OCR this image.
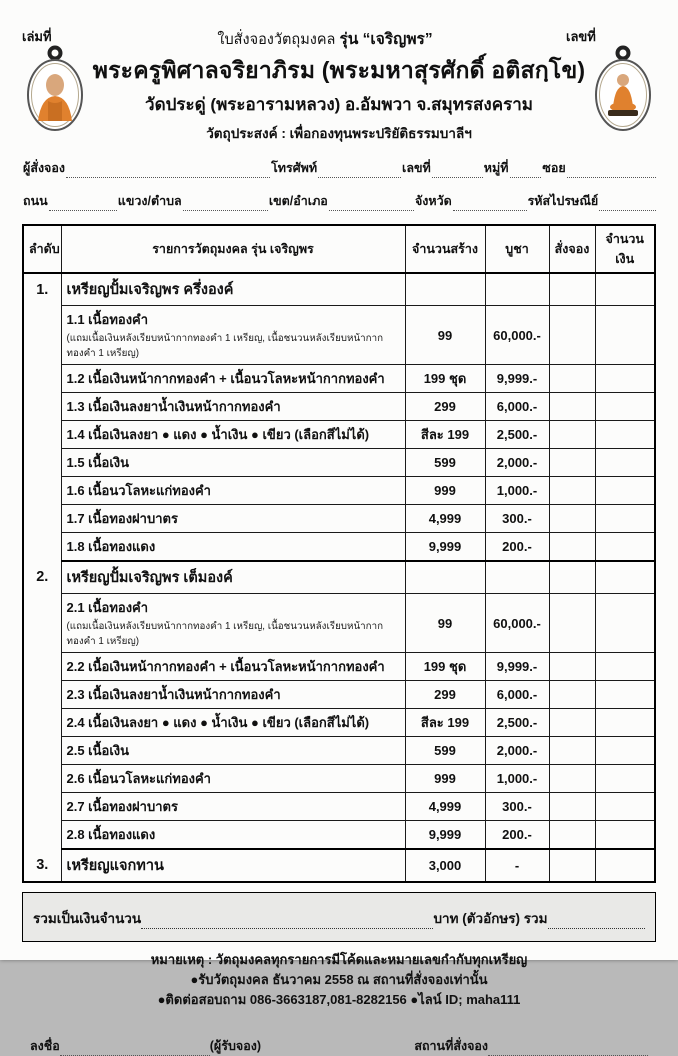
เล่มที่	ใบสั่งจองวัตถุมงคล รุ่น “เจริญพร”	เลขที่
พระครูพิศาลจริยาภิรม (พระมหาสุรศักดิ์ อติสกฺโข)
วัดประดู่ (พระอารามหลวง) อ.อัมพวา จ.สมุทรสงคราม
วัตถุประสงค์ : เพื่อกองทุนพระปริยัติธรรมบาลีฯ
ผู้สั่งจอง	โทรศัพท์	เลขที่	หมู่ที่	ซอย
ถนน	แขวง/ตำบล	เขต/อำเภอ	จังหวัด	รหัสไปรษณีย์
ลำดับ	รายการวัตถุมงคล รุ่น เจริญพร	จำนวนสร้าง	บูชา	สั่งจอง	จำนวนเงิน
1.	เหรียญปั้มเจริญพร ครึ่งองค์				

	1.1 เนื้อทองคำ
(แถมเนื้อเงินหลังเรียบหน้ากากทองคำ 1 เหรียญ, เนื้อชนวนหลังเรียบหน้ากากทองคำ 1 เหรียญ)	99	60,000.-		

	1.2 เนื้อเงินหน้ากากทองคำ + เนื้อนวโลหะหน้ากากทองคำ	199 ชุด	9,999.-		

	1.3 เนื้อเงินลงยาน้ำเงินหน้ากากทองคำ	299	6,000.-		

	1.4 เนื้อเงินลงยา ● แดง ● น้ำเงิน ● เขียว (เลือกสีไม่ได้)	สีละ 199	2,500.-		

	1.5 เนื้อเงิน	599	2,000.-		

	1.6 เนื้อนวโลหะแก่ทองคำ	999	1,000.-		

	1.7 เนื้อทองฝาบาตร	4,999	300.-		

	1.8 เนื้อทองแดง	9,999	200.-		
2.	เหรียญปั้มเจริญพร เต็มองค์				

	2.1 เนื้อทองคำ
(แถมเนื้อเงินหลังเรียบหน้ากากทองคำ 1 เหรียญ, เนื้อชนวนหลังเรียบหน้ากากทองคำ 1 เหรียญ)	99	60,000.-		

	2.2 เนื้อเงินหน้ากากทองคำ + เนื้อนวโลหะหน้ากากทองคำ	199 ชุด	9,999.-		

	2.3 เนื้อเงินลงยาน้ำเงินหน้ากากทองคำ	299	6,000.-		

	2.4 เนื้อเงินลงยา ● แดง ● น้ำเงิน ● เขียว (เลือกสีไม่ได้)	สีละ 199	2,500.-		

	2.5 เนื้อเงิน	599	2,000.-		

	2.6 เนื้อนวโลหะแก่ทองคำ	999	1,000.-		

	2.7 เนื้อทองฝาบาตร	4,999	300.-		

	2.8 เนื้อทองแดง	9,999	200.-		
3.	เหรียญแจกทาน	3,000	-		
รวมเป็นเงินจำนวน	บาท (ตัวอักษร) รวม
หมายเหตุ : วัตถุมงคลทุกรายการมีโค้ดและหมายเลขกำกับทุกเหรียญ
●รับวัตถุมงคล ธันวาคม 2558 ณ สถานที่สั่งจองเท่านั้น
●ติดต่อสอบถาม 086-3663187,081-8282156 ●ไลน์ ID; maha111
ลงชื่อ	(ผู้รับจอง)	สถานที่สั่งจอง
